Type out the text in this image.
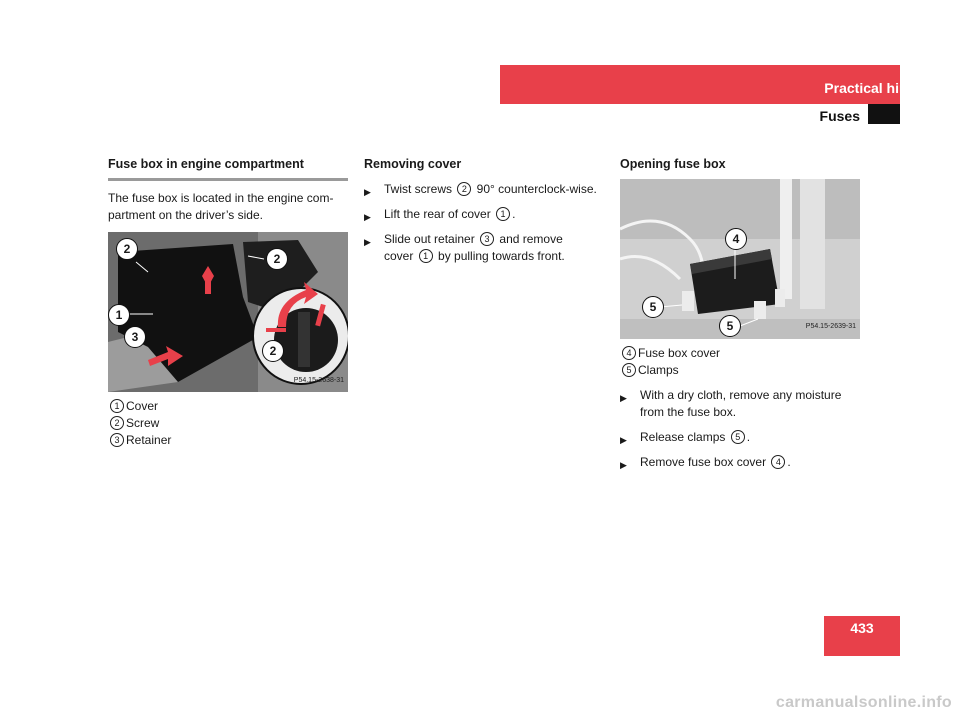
Practical hints
Fuses
Fuse box in engine compartment

The fuse box is located in the engine com-partment on the driver’s side.

2
2
1
3
2
P54.15-2638-31
1 Cover
2 Screw
3 Retainer
Removing cover
▶ Twist screws 2 90° counterclock-wise.
▶ Lift the rear of cover 1 .
▶ Slide out retainer 3 and remove
cover 1 by pulling towards front.
Opening fuse box
4
5
5	P54.15-2639-31
4 Fuse box cover
5 Clamps
▶ With a dry cloth, remove any moisture from the fuse box.
▶ Release clamps 5 .
▶ Remove fuse box cover 4 .
433
carmanualsonline.info
